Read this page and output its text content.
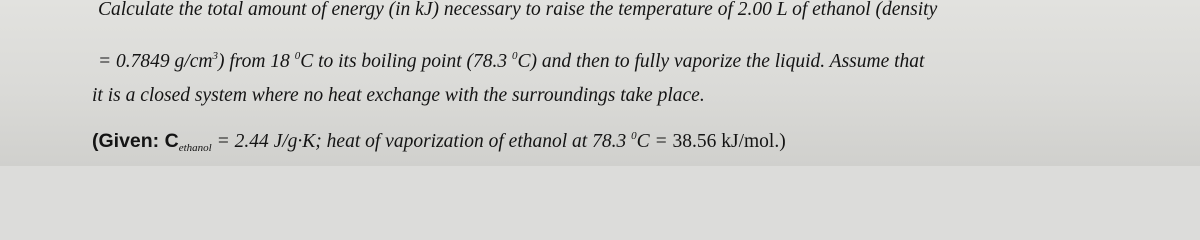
Calculate the total amount of energy (in kJ) necessary to raise the temperature of 2.00 L of ethanol (density
= 0.7849 $g/cm^3$) from 18 $^0$C to its boiling point (78.3 $^0$C) and then to fully vaporize the liquid. Assume that
it is a closed system where no heat exchange with the surroundings take place.
(Given: $C_{ethanol} = 2.44$ J/g·K; heat of vaporization of ethanol at 78.3 $^0$C = 38.56 kJ/mol.)
